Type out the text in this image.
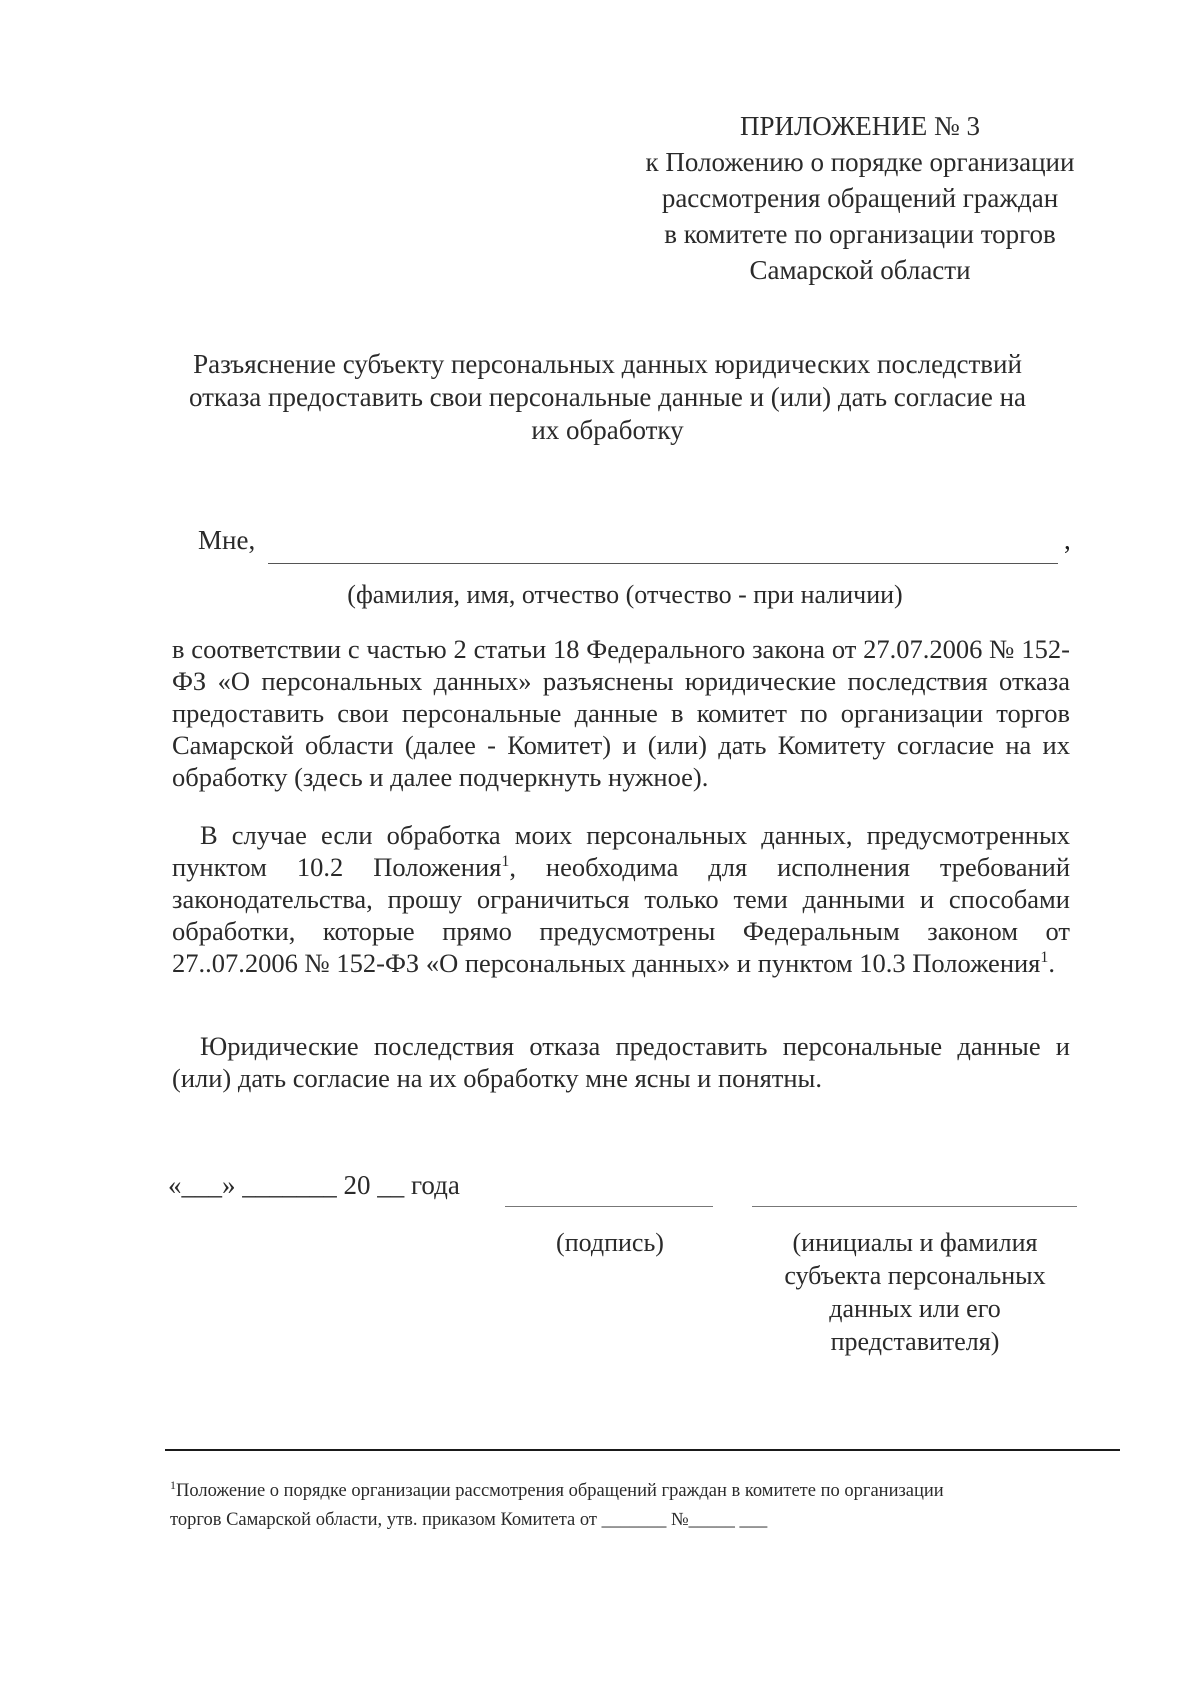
ПРИЛОЖЕНИЕ № 3
к Положению о порядке организации
рассмотрения обращений граждан
в комитете по организации торгов
Самарской области
Разъяснение субъекту персональных данных юридических последствий
отказа предоставить свои персональные данные и (или) дать согласие на
их обработку
Мне,	,
(фамилия, имя, отчество (отчество - при наличии)

в соответствии с частью 2 статьи 18 Федерального закона от 27.07.2006 № 152-ФЗ «О персональных данных» разъяснены юридические последствия отказа предоставить свои персональные данные в комитет по организации торгов Самарской области (далее - Комитет) и (или) дать Комитету согласие на их обработку (здесь и далее подчеркнуть нужное).

В случае если обработка моих персональных данных, предусмотренных пунктом 10.2 Положения$^1$, необходима для исполнения требований законодательства, прошу ограничиться только теми данными и способами обработки, которые прямо предусмотрены Федеральным законом от 27..07.2006 № 152-ФЗ «О персональных данных» и пунктом 10.3 Положения$^1$.

Юридические последствия отказа предоставить персональные данные и (или) дать согласие на их обработку мне ясны и понятны.

«___» _______ 20 __ года
(подпись)	(инициалы и фамилия
субъекта персональных
данных или его
представителя)
$^1$Положение о порядке организации рассмотрения обращений граждан в комитете по организации
торгов Самарской области, утв. приказом Комитета от _______ №_____ ___
